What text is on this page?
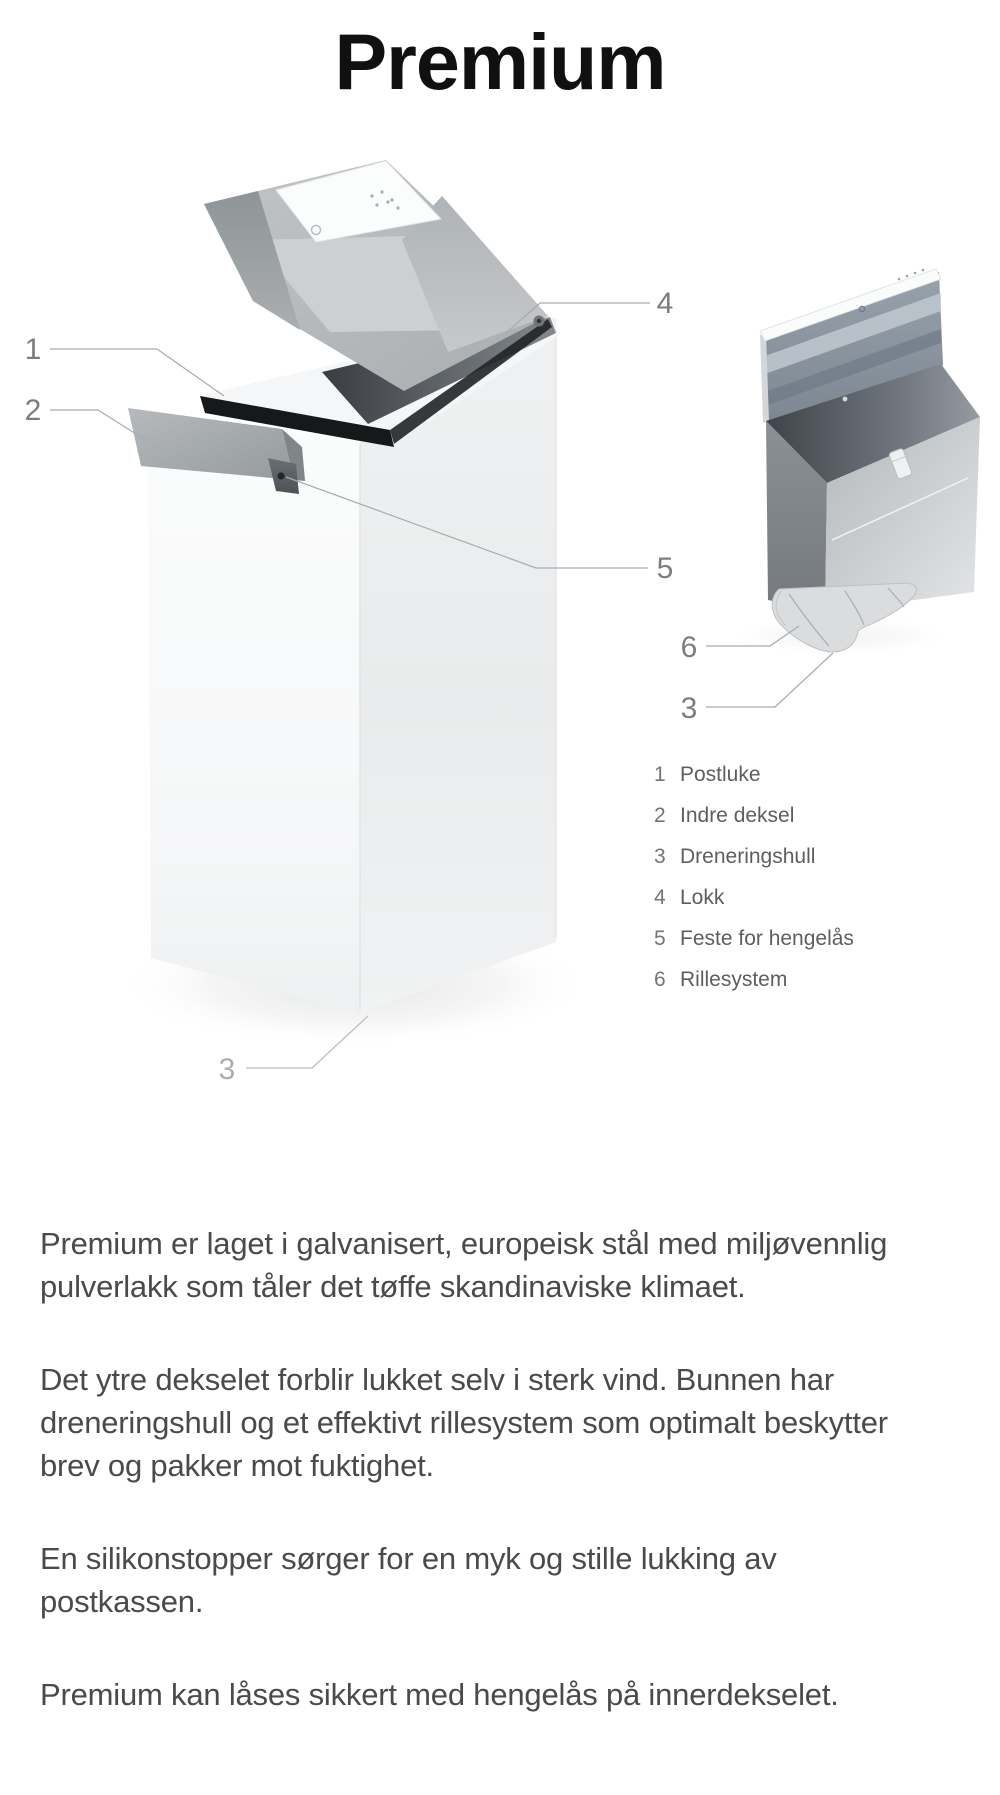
Premium
1
2
4
5
3
6
3
1 Postluke
2 Indre deksel
3 Dreneringshull
4 Lokk
5 Feste for hengelås
6 Rillesystem
Premium er laget i galvanisert, europeisk stål med miljøvennlig
pulverlakk som tåler det tøffe skandinaviske klimaet.
Det ytre dekselet forblir lukket selv i sterk vind. Bunnen har
dreneringshull og et effektivt rillesystem som optimalt beskytter
brev og pakker mot fuktighet.
En silikonstopper sørger for en myk og stille lukking av
postkassen.
Premium kan låses sikkert med hengelås på innerdekselet.
